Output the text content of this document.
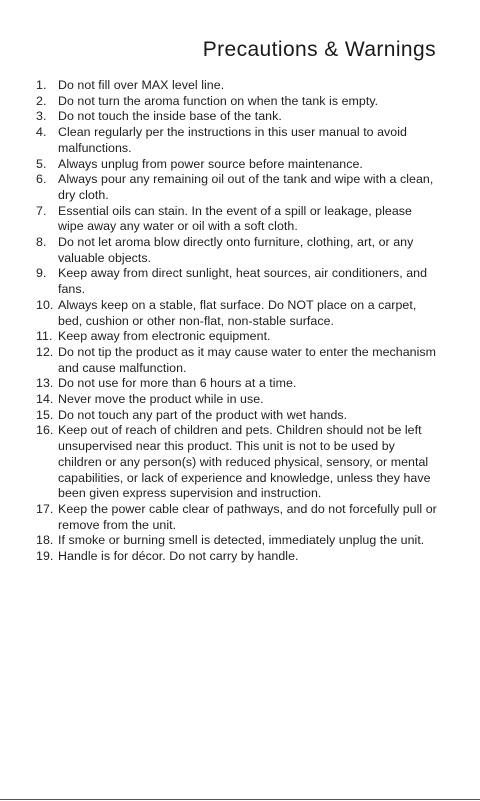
Precautions & Warnings
1. Do not fill over MAX level line.
2. Do not turn the aroma function on when the tank is empty.
3. Do not touch the inside base of the tank.
4. Clean regularly per the instructions in this user manual to avoid malfunctions.
5. Always unplug from power source before maintenance.
6. Always pour any remaining oil out of the tank and wipe with a clean, dry cloth.
7. Essential oils can stain. In the event of a spill or leakage, please wipe away any water or oil with a soft cloth.
8. Do not let aroma blow directly onto furniture, clothing, art, or any valuable objects.
9. Keep away from direct sunlight, heat sources, air conditioners, and fans.
10. Always keep on a stable, flat surface. Do NOT place on a carpet, bed, cushion or other non-flat, non-stable surface.
11. Keep away from electronic equipment.
12. Do not tip the product as it may cause water to enter the mechanism and cause malfunction.
13. Do not use for more than 6 hours at a time.
14. Never move the product while in use.
15. Do not touch any part of the product with wet hands.
16. Keep out of reach of children and pets. Children should not be left unsupervised near this product. This unit is not to be used by children or any person(s) with reduced physical, sensory, or mental capabilities, or lack of experience and knowledge, unless they have been given express supervision and instruction.
17. Keep the power cable clear of pathways, and do not forcefully pull or remove from the unit.
18. If smoke or burning smell is detected, immediately unplug the unit.
19. Handle is for décor. Do not carry by handle.
